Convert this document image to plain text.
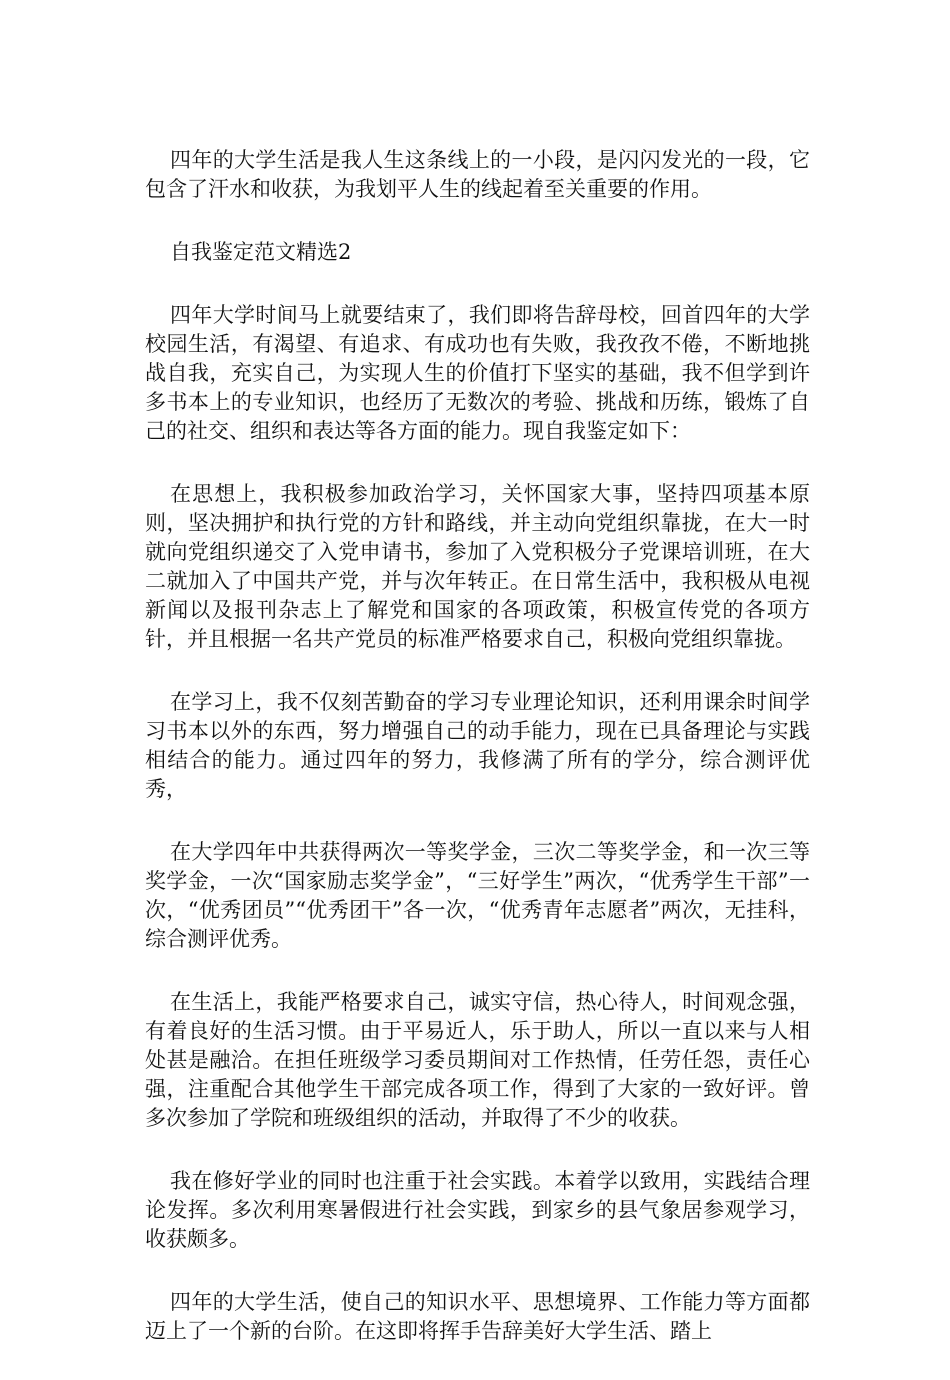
四年的大学生活是我人生这条线上的一小段，是闪闪发光的一段，它包含了汗水和收获，为我划平人生的线起着至关重要的作用。

自我鉴定范文精选2

四年大学时间马上就要结束了，我们即将告辞母校，回首四年的大学校园生活，有渴望、有追求、有成功也有失败，我孜孜不倦，不断地挑战自我，充实自己，为实现人生的价值打下坚实的基础，我不但学到许多书本上的专业知识，也经历了无数次的考验、挑战和历练，锻炼了自己的社交、组织和表达等各方面的能力。现自我鉴定如下：

在思想上，我积极参加政治学习，关怀国家大事，坚持四项基本原则，坚决拥护和执行党的方针和路线，并主动向党组织靠拢，在大一时就向党组织递交了入党申请书，参加了入党积极分子党课培训班，在大二就加入了中国共产党，并与次年转正。在日常生活中，我积极从电视新闻以及报刊杂志上了解党和国家的各项政策，积极宣传党的各项方针，并且根据一名共产党员的标准严格要求自己，积极向党组织靠拢。

在学习上，我不仅刻苦勤奋的学习专业理论知识，还利用课余时间学习书本以外的东西，努力增强自己的动手能力，现在已具备理论与实践相结合的能力。通过四年的努力，我修满了所有的学分，综合测评优秀，

在大学四年中共获得两次一等奖学金，三次二等奖学金，和一次三等奖学金，一次“国家励志奖学金”，“三好学生”两次，“优秀学生干部”一次，“优秀团员”“优秀团干”各一次，“优秀青年志愿者”两次，无挂科，综合测评优秀。

在生活上，我能严格要求自己，诚实守信，热心待人，时间观念强，有着良好的生活习惯。由于平易近人，乐于助人，所以一直以来与人相处甚是融洽。在担任班级学习委员期间对工作热情，任劳任怨，责任心强，注重配合其他学生干部完成各项工作，得到了大家的一致好评。曾多次参加了学院和班级组织的活动，并取得了不少的收获。

我在修好学业的同时也注重于社会实践。本着学以致用，实践结合理论发挥。多次利用寒暑假进行社会实践，到家乡的县气象居参观学习，收获颇多。

四年的大学生活，使自己的知识水平、思想境界、工作能力等方面都迈上了一个新的台阶。在这即将挥手告辞美好大学生活、踏上
